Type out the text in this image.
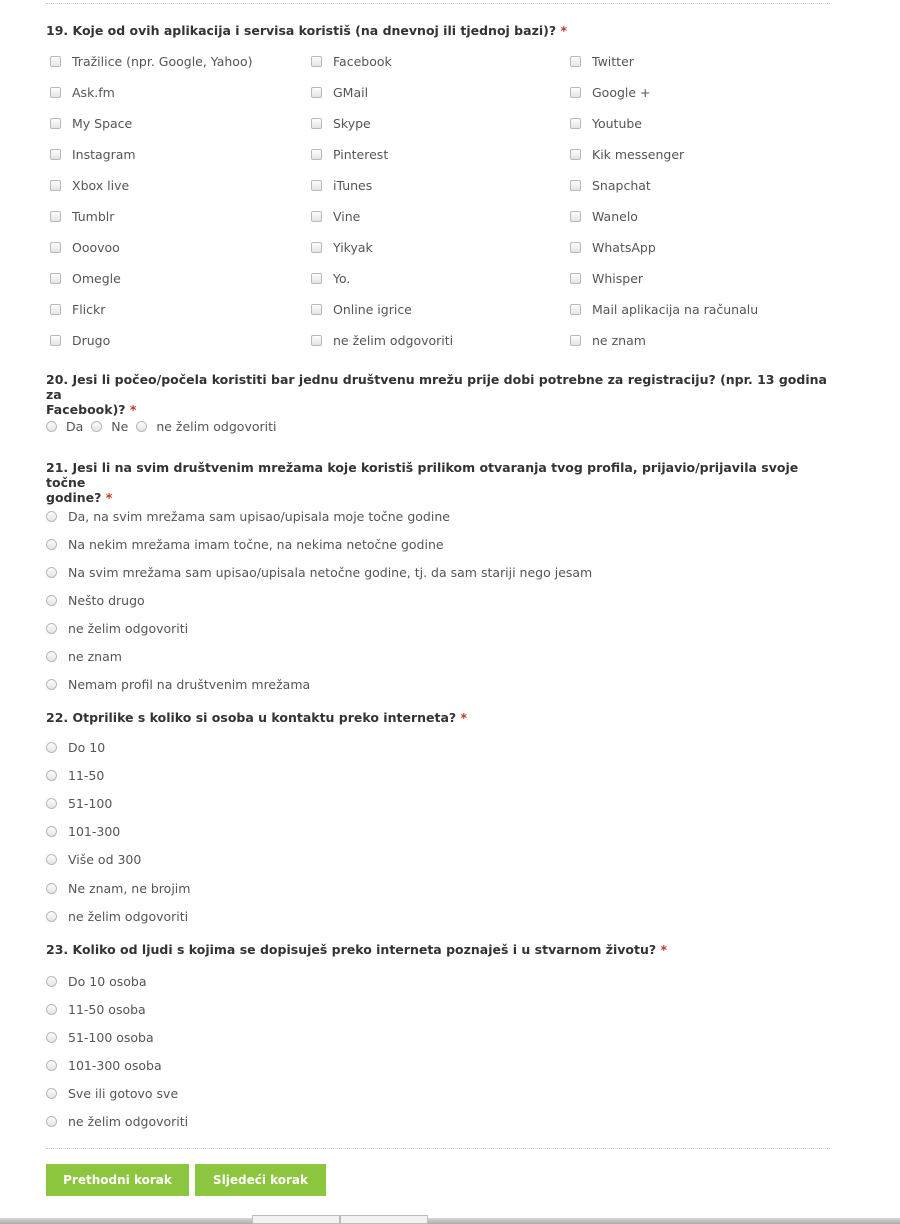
19. Koje od ovih aplikacija i servisa koristiš (na dnevnoj ili tjednoj bazi)? *
Tražilice (npr. Google, Yahoo)	Facebook	Twitter
Ask.fm	GMail	Google +
My Space	Skype	Youtube
Instagram	Pinterest	Kik messenger
Xbox live	iTunes	Snapchat
Tumblr	Vine	Wanelo
Ooovoo	Yikyak	WhatsApp
Omegle	Yo.	Whisper
Flickr	Online igrice	Mail aplikacija na računalu
Drugo	ne želim odgovoriti	ne znam
20. Jesi li počeo/počela koristiti bar jednu društvenu mrežu prije dobi potrebne za registraciju? (npr. 13 godina za
Facebook)? *
Da Ne ne želim odgovoriti
21. Jesi li na svim društvenim mrežama koje koristiš prilikom otvaranja tvog profila, prijavio/prijavila svoje točne
godine? *
Da, na svim mrežama sam upisao/upisala moje točne godine
Na nekim mrežama imam točne, na nekima netočne godine
Na svim mrežama sam upisao/upisala netočne godine, tj. da sam stariji nego jesam
Nešto drugo
ne želim odgovoriti
ne znam
Nemam profil na društvenim mrežama
22. Otprilike s koliko si osoba u kontaktu preko interneta? *
Do 10
11-50
51-100
101-300
Više od 300
Ne znam, ne brojim
ne želim odgovoriti
23. Koliko od ljudi s kojima se dopisuješ preko interneta poznaješ i u stvarnom životu? *
Do 10 osoba
11-50 osoba
51-100 osoba
101-300 osoba
Sve ili gotovo sve
ne želim odgovoriti
Prethodni korak	Sljedeći korak
